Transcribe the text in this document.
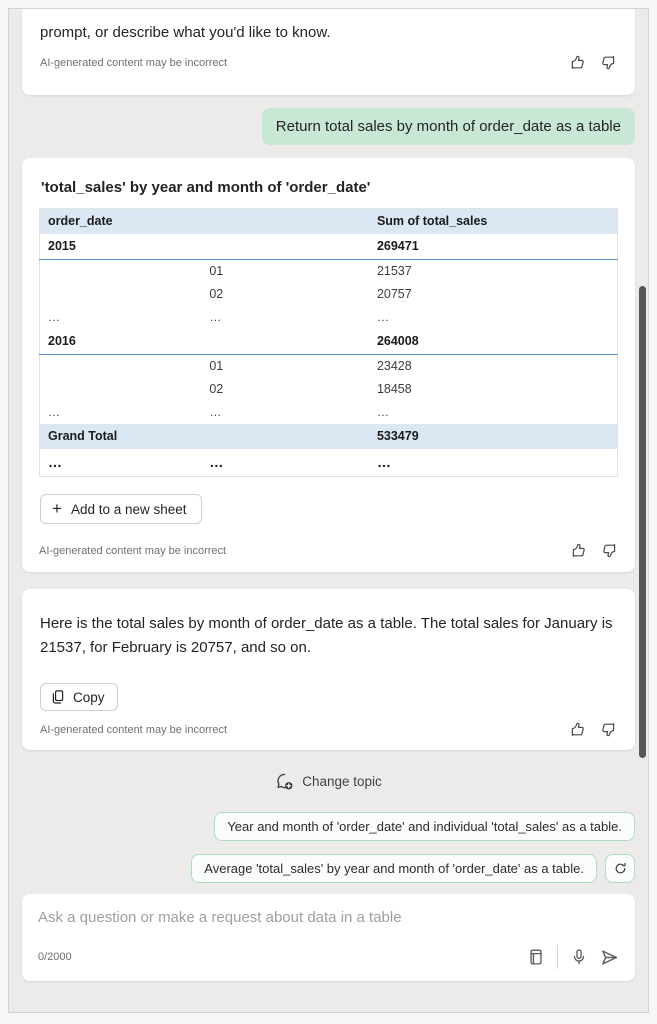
prompt, or describe what you'd like to know.
AI-generated content may be incorrect
Return total sales by month of order_date as a table
'total_sales' by year and month of 'order_date'
order_date		Sum of total_sales
2015		269471
	01	21537
	02	20757
…	…	…
2016		264008
	01	23428
	02	18458
…	…	…
Grand Total		533479
…	…	…
+ Add to a new sheet
AI-generated content may be incorrect
Here is the total sales by month of order_date as a table. The total sales for January is 21537, for February is 20757, and so on.
Copy
AI-generated content may be incorrect
Change topic
Year and month of 'order_date' and individual 'total_sales' as a table.
Average 'total_sales' by year and month of 'order_date' as a table.
Ask a question or make a request about data in a table
0/2000
